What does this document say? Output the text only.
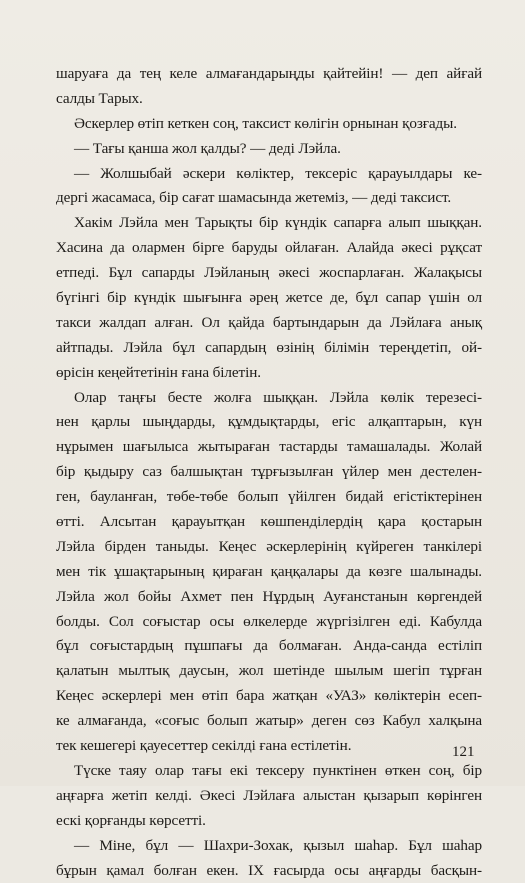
шаруаға да тең келе алмағандарыңды қайтейін! — деп айғай
салды Тарых.
Әскерлер өтіп кеткен соң, таксист көлігін орнынан қозғады.
— Тағы қанша жол қалды? — деді Лэйла.
— Жолшыбай әскери көліктер, тексеріс қарауылдары ке-
дергі жасамаса, бір сағат шамасында жетеміз, — деді таксист.
Хакім Лэйла мен Тарықты бір күндік сапарға алып шыққан.
Хасина да олармен бірге баруды ойлаған. Алайда әкесі рұқсат
етпеді. Бұл сапарды Лэйланың әкесі жоспарлаған. Жалақысы
бүгінгі бір күндік шығынға әрең жетсе де, бұл сапар үшін ол
такси жалдап алған. Ол қайда бартындарын да Лэйлаға анық
айтпады. Лэйла бұл сапардың өзінің білімін тереңдетіп, ой-
өрісін кеңейтетінін ғана білетін.
Олар таңғы бесте жолға шыққан. Лэйла көлік терезесі-
нен қарлы шыңдарды, құмдықтарды, егіс алқаптарын, күн
нұрымен шағылыса жытыраған тастарды тамашалады. Жолай
бір қыдыру саз балшықтан тұрғызылған үйлер мен дестелен-
ген, бауланған, төбе-төбе болып үйілген бидай егістіктерінен
өтті. Алсытан қарауытқан көшпенділердің қара қостарын
Лэйла бірден таныды. Кеңес әскерлерінің күйреген танкілері
мен тік ұшақтарының қираған қаңқалары да көзге шалынады.
Лэйла жол бойы Ахмет пен Нұрдың Ауғанстанын көргендей
болды. Сол соғыстар осы өлкелерде жүргізілген еді. Кабулда
бұл соғыстардың пұшпағы да болмаған. Анда-санда естіліп
қалатын мылтық даусын, жол шетінде шылым шегіп тұрған
Кеңес әскерлері мен өтіп бара жатқан «УАЗ» көліктерін есеп-
ке алмағанда, «соғыс болып жатыр» деген сөз Кабул халқына
тек кешегері қауесеттер секілді ғана естілетін.
Түске таяу олар тағы екі тексеру пунктінен өткен соң, бір
аңғарға жетіп келді. Әкесі Лэйлаға алыстан қызарып көрінген
ескі қорғанды көрсетті.
— Міне, бұл — Шахри-Зохак, қызыл шаһар. Бұл шаһар
бұрын қамал болған екен. IX ғасырда осы аңғарды басқын-
121
